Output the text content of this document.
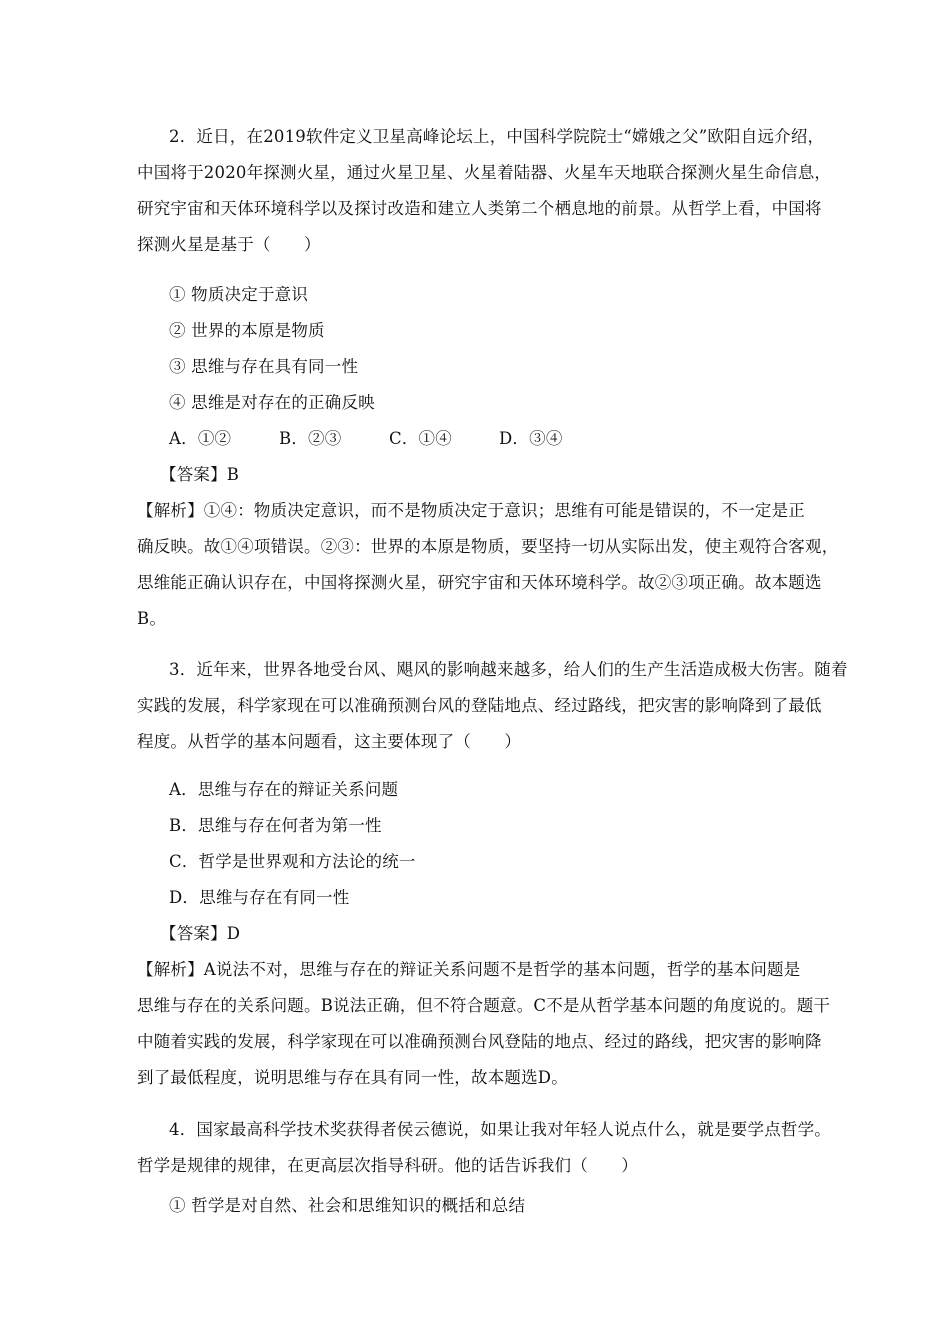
2．近日，在2019软件定义卫星高峰论坛上，中国科学院院士“嫦娥之父”欧阳自远介绍，
中国将于2020年探测火星，通过火星卫星、火星着陆器、火星车天地联合探测火星生命信息，
研究宇宙和天体环境科学以及探讨改造和建立人类第二个栖息地的前景。从哲学上看，中国将
探测火星是基于（　　）
① 物质决定于意识
② 世界的本原是物质
③ 思维与存在具有同一性
④ 思维是对存在的正确反映
A．①②	B．②③	C．①④	D．③④
【答案】B
【解析】①④：物质决定意识，而不是物质决定于意识；思维有可能是错误的，不一定是正
确反映。故①④项错误。②③：世界的本原是物质，要坚持一切从实际出发，使主观符合客观，
思维能正确认识存在，中国将探测火星，研究宇宙和天体环境科学。故②③项正确。故本题选
B。
3．近年来，世界各地受台风、飓风的影响越来越多，给人们的生产生活造成极大伤害。随着
实践的发展，科学家现在可以准确预测台风的登陆地点、经过路线，把灾害的影响降到了最低
程度。从哲学的基本问题看，这主要体现了（　　）
A．思维与存在的辩证关系问题
B．思维与存在何者为第一性
C．哲学是世界观和方法论的统一
D．思维与存在有同一性
【答案】D
【解析】A说法不对，思维与存在的辩证关系问题不是哲学的基本问题，哲学的基本问题是
思维与存在的关系问题。B说法正确，但不符合题意。C不是从哲学基本问题的角度说的。题干
中随着实践的发展，科学家现在可以准确预测台风登陆的地点、经过的路线，把灾害的影响降
到了最低程度，说明思维与存在具有同一性，故本题选D。
4．国家最高科学技术奖获得者侯云德说，如果让我对年轻人说点什么，就是要学点哲学。
哲学是规律的规律，在更高层次指导科研。他的话告诉我们（　　）
① 哲学是对自然、社会和思维知识的概括和总结
